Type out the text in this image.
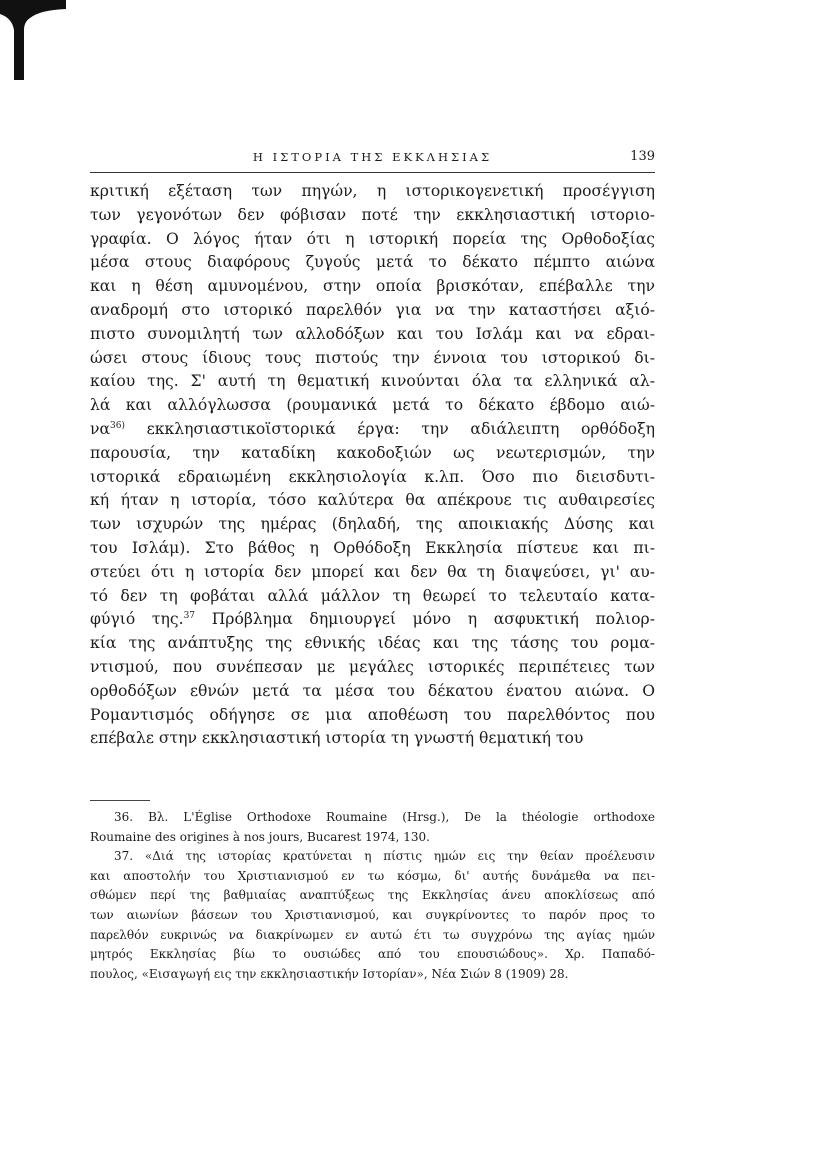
Η ΙΣΤΟΡΙΑ ΤΗΣ ΕΚΚΛΗΣΙΑΣ	139
κριτική εξέταση των πηγών, η ιστορικογενετική προσέγγιση
των γεγονότων δεν φόβισαν ποτέ την εκκλησιαστική ιστοριο-
γραφία. Ο λόγος ήταν ότι η ιστορική πορεία της Ορθοδοξίας
μέσα στους διαφόρους ζυγούς μετά το δέκατο πέμπτο αιώνα
και η θέση αμυνομένου, στην οποία βρισκόταν, επέβαλλε την
αναδρομή στο ιστορικό παρελθόν για να την καταστήσει αξιό-
πιστο συνομιλητή των αλλοδόξων και του Ισλάμ και να εδραι-
ώσει στους ίδιους τους πιστούς την έννοια του ιστορικού δι-
καίου της. Σ' αυτή τη θεματική κινούνται όλα τα ελληνικά αλ-
λά και αλλόγλωσσα (ρουμανικά μετά το δέκατο έβδομο αιώ-
$\nu\alpha^{36)}$ εκκλησιαστικοϊστορικά έργα: την αδιάλειπτη ορθόδοξη
παρουσία, την καταδίκη κακοδοξιών ως νεωτερισμών, την
ιστορικά εδραιωμένη εκκλησιολογία κ.λπ. Όσο πιο διεισδυτι-
κή ήταν η ιστορία, τόσο καλύτερα θα απέκρουε τις αυθαιρεσίες
των ισχυρών της ημέρας (δηλαδή, της αποικιακής Δύσης και
του Ισλάμ). Στο βάθος η Ορθόδοξη Εκκλησία πίστευε και πι-
στεύει ότι η ιστορία δεν μπορεί και δεν θα τη διαψεύσει, γι' αυ-
τό δεν τη φοβάται αλλά μάλλον τη θεωρεί το τελευταίο κατα-
φύγιό της.$^{37}$ Πρόβλημα δημιουργεί μόνο η ασφυκτική πολιορ-
κία της ανάπτυξης της εθνικής ιδέας και της τάσης του ρομα-
ντισμού, που συνέπεσαν με μεγάλες ιστορικές περιπέτειες των
ορθοδόξων εθνών μετά τα μέσα του δέκατου ένατου αιώνα. Ο
Ρομαντισμός οδήγησε σε μια αποθέωση του παρελθόντος που
επέβαλε στην εκκλησιαστική ιστορία τη γνωστή θεματική του
36. Βλ. L'Église Orthodoxe Roumaine (Hrsg.), De la théologie orthodoxe
Roumaine des origines à nos jours, Bucarest 1974, 130.
37. «Διά της ιστορίας κρατύνεται η πίστις ημών εις την θείαν προέλευσιν
και αποστολήν του Χριστιανισμού εν τω κόσμω, δι' αυτής δυνάμεθα να πει-
σθώμεν περί της βαθμιαίας αναπτύξεως της Εκκλησίας άνευ αποκλίσεως από
των αιωνίων βάσεων του Χριστιανισμού, και συγκρίνοντες το παρόν προς το
παρελθόν ευκρινώς να διακρίνωμεν εν αυτώ έτι τω συγχρόνω της αγίας ημών
μητρός Εκκλησίας βίω το ουσιώδες από του επουσιώδους». Χρ. Παπαδό-
πουλος, «Εισαγωγή εις την εκκλησιαστικήν Ιστορίαν», Νέα Σιών 8 (1909) 28.
